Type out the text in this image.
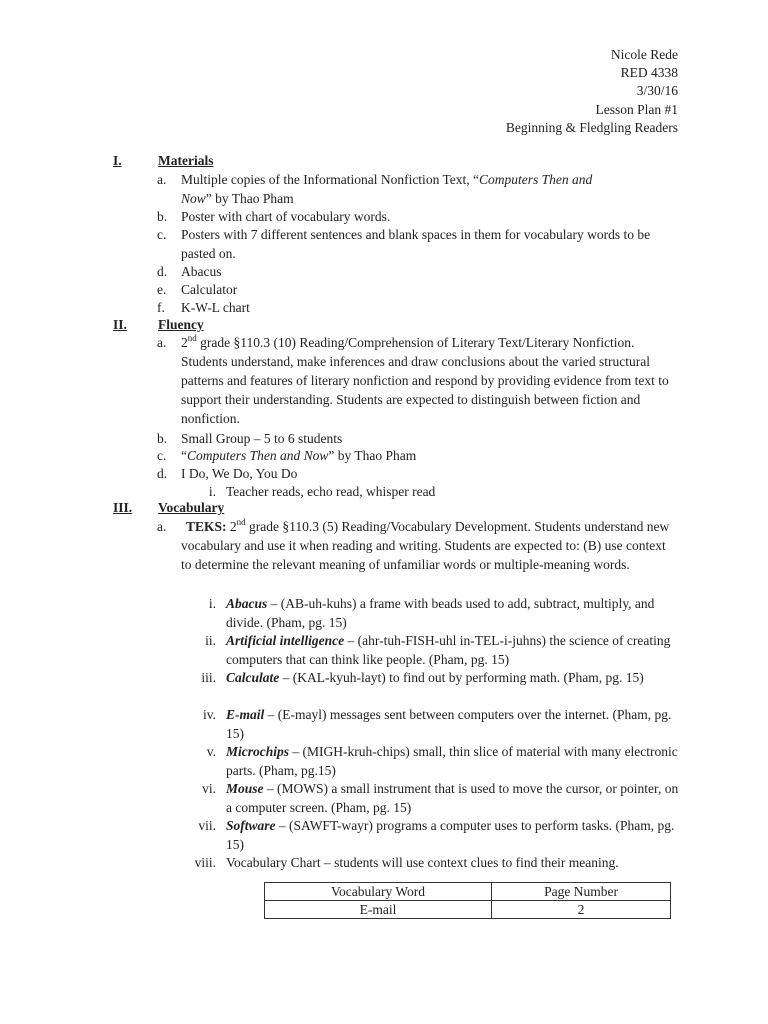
Nicole Rede
RED 4338
3/30/16
Lesson Plan #1
Beginning & Fledgling Readers
I.	Materials
a. Multiple copies of the Informational Nonfiction Text, “Computers Then and
Now” by Thao Pham
b. Poster with chart of vocabulary words.
c. Posters with 7 different sentences and blank spaces in them for vocabulary words to be pasted on.
d. Abacus
e. Calculator
f. K-W-L chart
II. Fluency
a. 2nd grade §110.3 (10) Reading/Comprehension of Literary Text/Literary Nonfiction. Students understand, make inferences and draw conclusions about the varied structural patterns and features of literary nonfiction and respond by providing evidence from text to support their understanding. Students are expected to distinguish between fiction and nonfiction.
b. Small Group – 5 to 6 students
c. “Computers Then and Now” by Thao Pham
d. I Do, We Do, You Do
i. Teacher reads, echo read, whisper read
III. Vocabulary
a.	TEKS: 2nd grade §110.3 (5) Reading/Vocabulary Development. Students understand new vocabulary and use it when reading and writing. Students are expected to: (B) use context to determine the relevant meaning of unfamiliar words or multiple-meaning words.
i. Abacus – (AB-uh-kuhs) a frame with beads used to add, subtract, multiply, and divide. (Pham, pg. 15)
ii. Artificial intelligence – (ahr-tuh-FISH-uhl in-TEL-i-juhns) the science of creating computers that can think like people. (Pham, pg. 15)
iii. Calculate – (KAL-kyuh-layt) to find out by performing math. (Pham, pg. 15)
iv. E-mail – (E-mayl) messages sent between computers over the internet. (Pham, pg. 15)
v. Microchips – (MIGH-kruh-chips) small, thin slice of material with many electronic parts. (Pham, pg.15)
vi. Mouse – (MOWS) a small instrument that is used to move the cursor, or pointer, on a computer screen. (Pham, pg. 15)
vii. Software – (SAWFT-wayr) programs a computer uses to perform tasks. (Pham, pg. 15)
viii. Vocabulary Chart – students will use context clues to find their meaning.
Vocabulary Word	Page Number
E-mail	2
